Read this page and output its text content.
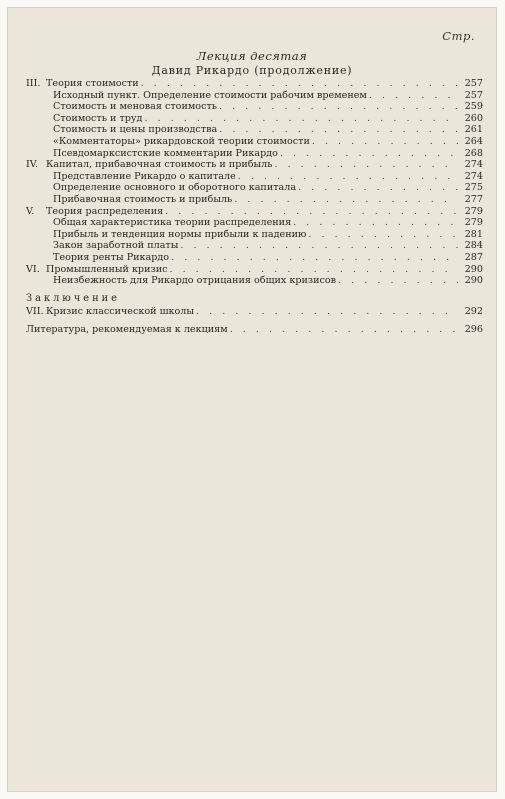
Стр.
Лекция десятая
Давид Рикардо (продолжение)
III. Теория стоимости . . .	257
Исходный пункт. Определение стоимости рабочим временем . . .	257
Стоимость и меновая стоимость . . .	259
Стоимость и труд . . .	260
Стоимость и цены производства . . .	261
«Комментаторы» рикардовской теории стоимости . . .	264
Псевдомарксистские комментарии Рикардо . . .	268
IV. Капитал, прибавочная стоимость и прибыль . . .	274
Представление Рикардо о капитале . . .	274
Определение основного и оборотного капитала . . .	275
Прибавочная стоимость и прибыль . . .	277
V. Теория распределения . . .	279
Общая характеристика теории распределения . . .	279
Прибыль и тенденция нормы прибыли к падению . . .	281
Закон заработной платы . . .	284
Теория ренты Рикардо . . .	287
VI. Промышленный кризис . . .	290
Неизбежность для Рикардо отрицания общих кризисов . . .	290
Заключение
VII. Кризис классической школы . . .	292
Литература, рекомендуемая к лекциям . . .	296
